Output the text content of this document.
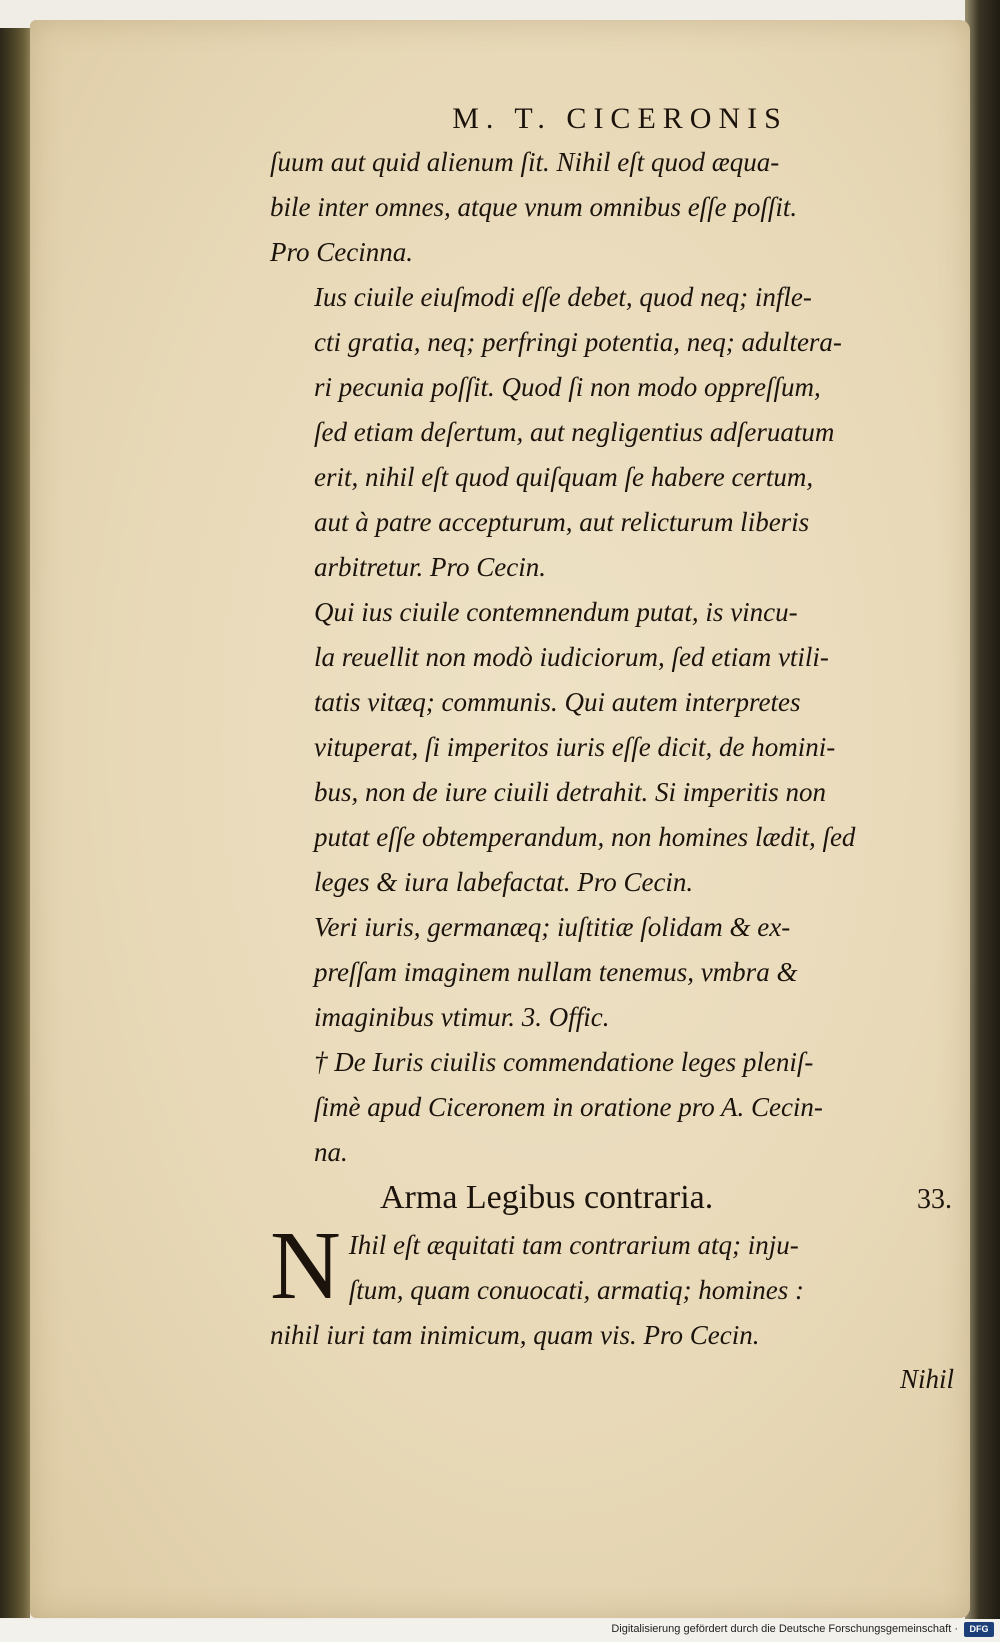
M. T. CICERONIS
ſuum aut quid alienum ſit. Nihil eſt quod æqua-
bile inter omnes, atque vnum omnibus eſſe poſſit.
Pro Cecinna.
Ius ciuile eiuſmodi eſſe debet, quod neq; infle-
cti gratia, neq; perfringi potentia, neq; adultera-
ri pecunia poſſit. Quod ſi non modo oppreſſum,
ſed etiam deſertum, aut negligentius adſeruatum
erit, nihil eſt quod quiſquam ſe habere certum,
aut à patre accepturum, aut relicturum liberis
arbitretur. Pro Cecin.
Qui ius ciuile contemnendum putat, is vincu-
la reuellit non modò iudiciorum, ſed etiam vtili-
tatis vitæq; communis. Qui autem interpretes
vituperat, ſi imperitos iuris eſſe dicit, de homini-
bus, non de iure ciuili detrahit. Si imperitis non
putat eſſe obtemperandum, non homines lædit, ſed
leges & iura labefactat. Pro Cecin.
Veri iuris, germanæq; iuſtitiæ ſolidam & ex-
preſſam imaginem nullam tenemus, vmbra &
imaginibus vtimur. 3. Offic.
† De Iuris ciuilis commendatione leges pleniſ-
ſimè apud Ciceronem in oratione pro A. Cecin-
na.
Arma Legibus contraria.	33.
N Ihil eſt æquitati tam contrarium atq; inju-
ſtum, quam conuocati, armatiq; homines :
nihil iuri tam inimicum, quam vis. Pro Cecin.
Nihil
Digitalisierung gefördert durch die Deutsche Forschungsgemeinschaft ·	DFG
